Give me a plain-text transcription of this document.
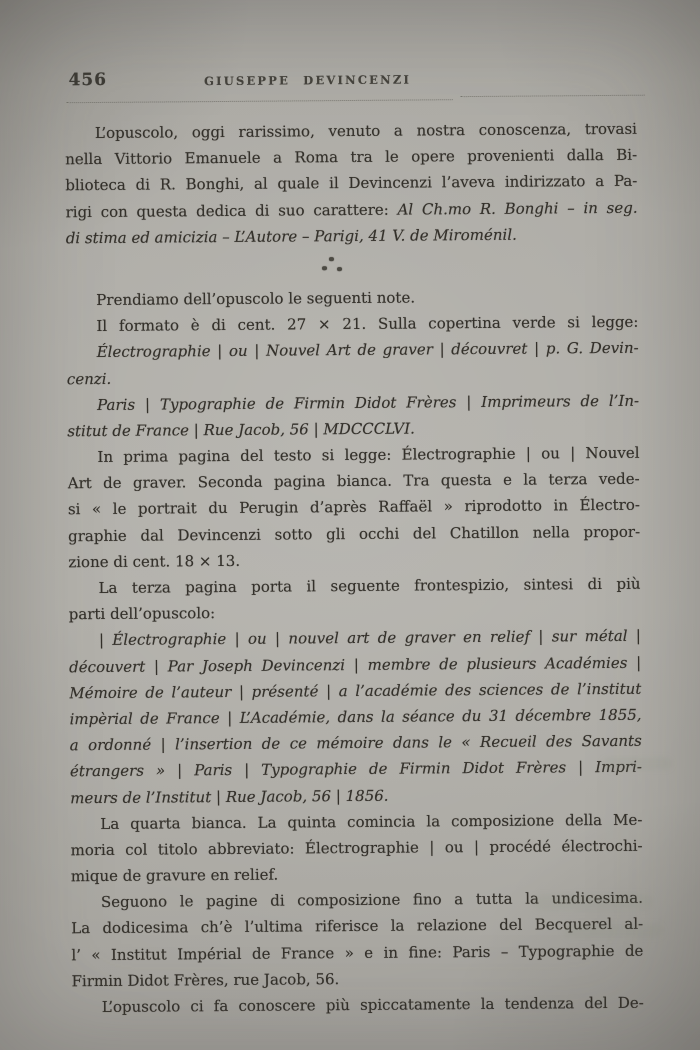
456	GIUSEPPE DEVINCENZI
L’opuscolo, oggi rarissimo, venuto a nostra conoscenza, trovasi
nella Vittorio Emanuele a Roma tra le opere provenienti dalla Bi-
blioteca di R. Bonghi, al quale il Devincenzi l’aveva indirizzato a Pa-
rigi con questa dedica di suo carattere: Al Ch.mo R. Bonghi – in seg.
di stima ed amicizia – L’Autore – Parigi, 41 V. de Miroménil.
Prendiamo dell’opuscolo le seguenti note.
Il formato è di cent. 27 × 21. Sulla copertina verde si legge:
Électrographie | ou | Nouvel Art de graver | découvret | p. G. Devin-
cenzi.
Paris | Typographie de Firmin Didot Frères | Imprimeurs de l’In-
stitut de France | Rue Jacob, 56 | MDCCCLVI.
In prima pagina del testo si legge: Électrographie | ou | Nouvel
Art de graver. Seconda pagina bianca. Tra questa e la terza vede-
si « le portrait du Perugin d’après Raffaël » riprodotto in Électro-
graphie dal Devincenzi sotto gli occhi del Chatillon nella propor-
zione di cent. 18 × 13.
La terza pagina porta il seguente frontespizio, sintesi di più
parti dell’opuscolo:
| Électrographie | ou | nouvel art de graver en relief | sur métal |
découvert | Par Joseph Devincenzi | membre de plusieurs Académies |
Mémoire de l’auteur | présenté | a l’académie des sciences de l’institut
impèrial de France | L’Académie, dans la séance du 31 décembre 1855,
a ordonné | l’insertion de ce mémoire dans le « Recueil des Savants
étrangers » | Paris | Typographie de Firmin Didot Frères | Impri-
meurs de l’Institut | Rue Jacob, 56 | 1856.
La quarta bianca. La quinta comincia la composizione della Me-
moria col titolo abbreviato: Électrographie | ou | procédé électrochi-
mique de gravure en relief.
Seguono le pagine di composizione fino a tutta la undicesima.
La dodicesima ch’è l’ultima riferisce la relazione del Becquerel al-
l’ « Institut Impérial de France » e in fine: Paris – Typographie de
Firmin Didot Frères, rue Jacob, 56.
L’opuscolo ci fa conoscere più spiccatamente la tendenza del De-
